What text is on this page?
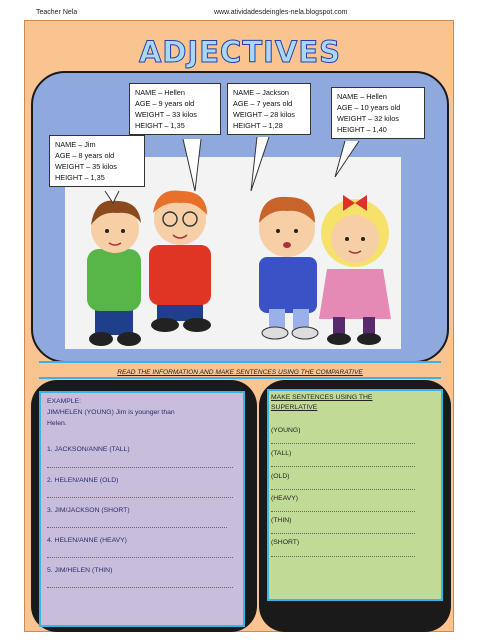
Teacher Nela	www.atividadesdeingles-nela.blogspot.com
ADJECTIVES
NAME – Jim
AGE – 8 years old
WEIGHT – 35 kilos
HEIGHT – 1,35
NAME – Hellen
AGE – 9 years old
WEIGHT – 33 kilos
HEIGHT – 1,35
NAME – Jackson
AGE – 7 years old
WEIGHT – 28 kilos
HEIGHT – 1,28
NAME – Hellen
AGE – 10 years old
WEIGHT – 32 kilos
HEIGHT – 1,40
READ THE INFORMATION AND MAKE SENTENCES USING THE COMPARATIVE
EXAMPLE:
JIM/HELEN (YOUNG) Jim is younger than
Helen.
1. JACKSON/ANNE (TALL)
2. HELEN/ANNE (OLD)
3. JIM/JACKSON (SHORT)
4. HELEN/ANNE (HEAVY)
5. JIM/HELEN (THIN)
MAKE SENTENCES USING THE
SUPERLATIVE
(YOUNG)
(TALL)
(OLD)
(HEAVY)
(THIN)
(SHORT)
